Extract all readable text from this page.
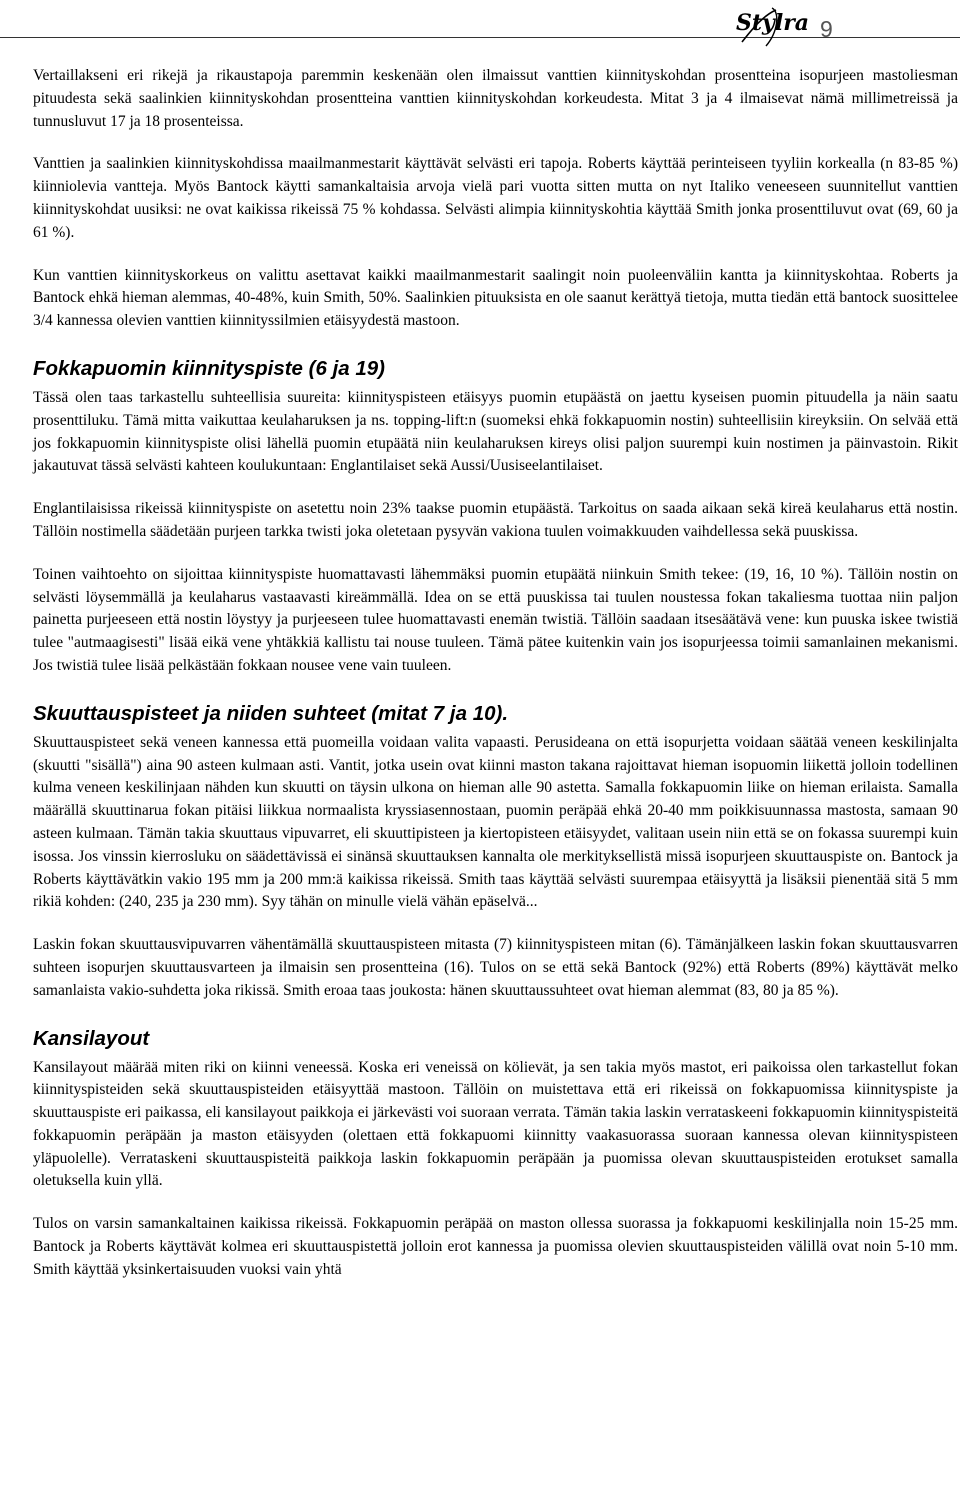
Stylra 9

Vertaillakseni eri rikejä ja rikaustapoja paremmin keskenään olen ilmaissut vanttien kiinnityskohdan prosentteina isopurjeen mastoliesman pituudesta sekä saalinkien kiinnityskohdan prosentteina vanttien kiinnityskohdan korkeudesta. Mitat 3 ja 4 ilmaisevat nämä millimetreissä ja tunnusluvut 17 ja 18 prosenteissa.

Vanttien ja saalinkien kiinnityskohdissa maailmanmestarit käyttävät selvästi eri tapoja. Roberts käyttää perinteiseen tyyliin korkealla (n 83-85 %) kiinniolevia vantteja. Myös Bantock käytti samankaltaisia arvoja vielä pari vuotta sitten mutta on nyt Italiko veneeseen suunnitellut vanttien kiinnityskohdat uusiksi: ne ovat kaikissa rikeissä 75 % kohdassa. Selvästi alimpia kiinnityskohtia käyttää Smith jonka prosenttiluvut ovat (69, 60 ja 61 %).

Kun vanttien kiinnityskorkeus on valittu asettavat kaikki maailmanmestarit saalingit noin puoleenväliin kantta ja kiinnityskohtaa. Roberts ja Bantock ehkä hieman alemmas, 40-48%, kuin Smith, 50%. Saalinkien pituuksista en ole saanut kerättyä tietoja, mutta tiedän että bantock suosittelee 3/4 kannessa olevien vanttien kiinnityssilmien etäisyydestä mastoon.

Fokkapuomin kiinnityspiste (6 ja 19)

Tässä olen taas tarkastellu suhteellisia suureita: kiinnityspisteen etäisyys puomin etupäästä on jaettu kyseisen puomin pituudella ja näin saatu prosenttiluku. Tämä mitta vaikuttaa keulaharuksen ja ns. topping-lift:n (suomeksi ehkä fokkapuomin nostin) suhteellisiin kireyksiin. On selvää että jos fokkapuomin kiinnityspiste olisi lähellä puomin etupäätä niin keulaharuksen kireys olisi paljon suurempi kuin nostimen ja päinvastoin. Rikit jakautuvat tässä selvästi kahteen koulukuntaan: Englantilaiset sekä Aussi/Uusiseelantilaiset.

Englantilaisissa rikeissä kiinnityspiste on asetettu noin 23% taakse puomin etupäästä. Tarkoitus on saada aikaan sekä kireä keulaharus että nostin. Tällöin nostimella säädetään purjeen tarkka twisti joka oletetaan pysyvän vakiona tuulen voimakkuuden vaihdellessa sekä puuskissa.

Toinen vaihtoehto on sijoittaa kiinnityspiste huomattavasti lähemmäksi puomin etupäätä niinkuin Smith tekee: (19, 16, 10 %). Tällöin nostin on selvästi löysemmällä ja keulaharus vastaavasti kireämmällä. Idea on se että puuskissa tai tuulen noustessa fokan takaliesma tuottaa niin paljon painetta purjeeseen että nostin löystyy ja purjeeseen tulee huomattavasti enemän twistiä. Tällöin saadaan itsesäätävä vene: kun puuska iskee twistiä tulee "autmaagisesti" lisää eikä vene yhtäkkiä kallistu tai nouse tuuleen. Tämä pätee kuitenkin vain jos isopurjeessa toimii samanlainen mekanismi. Jos twistiä tulee lisää pelkästään fokkaan nousee vene vain tuuleen.

Skuuttauspisteet ja niiden suhteet (mitat 7 ja 10).

Skuuttauspisteet sekä veneen kannessa että puomeilla voidaan valita vapaasti. Perusideana on että isopurjetta voidaan säätää veneen keskilinjalta (skuutti "sisällä") aina 90 asteen kulmaan asti. Vantit, jotka usein ovat kiinni maston takana rajoittavat hieman isopuomin liikettä jolloin todellinen kulma veneen keskilinjaan nähden kun skuutti on täysin ulkona on hieman alle 90 astetta. Samalla fokkapuomin liike on hieman erilaista. Samalla määrällä skuuttinarua fokan pitäisi liikkua normaalista kryssiasennostaan, puomin peräpää ehkä 20-40 mm poikkisuunnassa mastosta, samaan 90 asteen kulmaan. Tämän takia skuuttaus vipuvarret, eli skuuttipisteen ja kiertopisteen etäisyydet, valitaan usein niin että se on fokassa suurempi kuin isossa. Jos vinssin kierrosluku on säädettävissä ei sinänsä skuuttauksen kannalta ole merkityksellistä missä isopurjeen skuuttauspiste on. Bantock ja Roberts käyttävätkin vakio 195 mm ja 200 mm:ä kaikissa rikeissä. Smith taas käyttää selvästi suurempaa etäisyyttä ja lisäksii pienentää sitä 5 mm rikiä kohden: (240, 235 ja 230 mm). Syy tähän on minulle vielä vähän epäselvä...

Laskin fokan skuuttausvipuvarren vähentämällä skuuttauspisteen mitasta (7) kiinnityspisteen mitan (6). Tämänjälkeen laskin fokan skuuttausvarren suhteen isopurjen skuuttausvarteen ja ilmaisin sen prosentteina (16). Tulos on se että sekä Bantock (92%) että Roberts (89%) käyttävät melko samanlaista vakio-suhdetta joka rikissä. Smith eroaa taas joukosta: hänen skuuttaussuhteet ovat hieman alemmat (83, 80 ja 85 %).

Kansilayout

Kansilayout määrää miten riki on kiinni veneessä. Koska eri veneissä on kölievät, ja sen takia myös mastot, eri paikoissa olen tarkastellut fokan kiinnityspisteiden sekä skuuttauspisteiden etäisyyttää mastoon. Tällöin on muistettava että eri rikeissä on fokkapuomissa kiinnityspiste ja skuuttauspiste eri paikassa, eli kansilayout paikkoja ei järkevästi voi suoraan verrata. Tämän takia laskin verrataskeeni fokkapuomin kiinnityspisteitä fokkapuomin peräpään ja maston etäisyyden (olettaen että fokkapuomi kiinnitty vaakasuorassa suoraan kannessa olevan kiinnityspisteen yläpuolelle). Verrataskeni skuuttauspisteitä paikkoja laskin fokkapuomin peräpään ja puomissa olevan skuuttauspisteiden erotukset samalla oletuksella kuin yllä.

Tulos on varsin samankaltainen kaikissa rikeissä. Fokkapuomin peräpää on maston ollessa suorassa ja fokkapuomi keskilinjalla noin 15-25 mm. Bantock ja Roberts käyttävät kolmea eri skuuttauspistettä jolloin erot kannessa ja puomissa olevien skuuttauspisteiden välillä ovat noin 5-10 mm. Smith käyttää yksinkertaisuuden vuoksi vain yhtä
